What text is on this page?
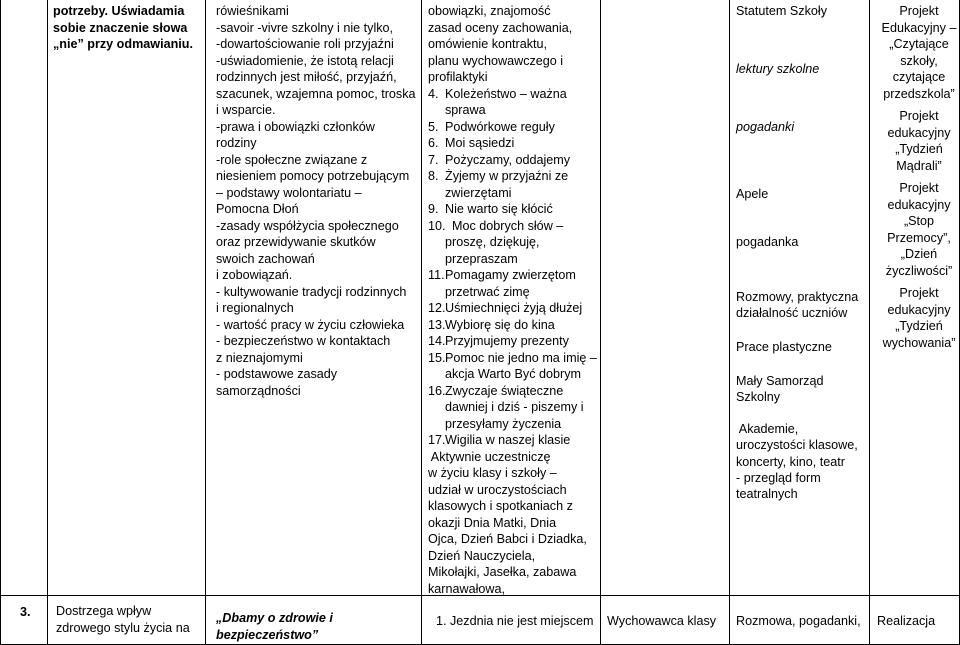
potrzeby. Uświadamia
sobie znaczenie słowa
„nie” przy odmawianiu.
rówieśnikami
-savoir -vivre szkolny i nie tylko,
-dowartościowanie roli przyjaźni
-uświadomienie, że istotą relacji
rodzinnych jest miłość, przyjaźń,
szacunek, wzajemna pomoc, troska
i wsparcie.
-prawa i obowiązki członków
rodziny
-role społeczne związane z
niesieniem pomocy potrzebującym
– podstawy wolontariatu –
Pomocna Dłoń
-zasady współżycia społecznego
oraz przewidywanie skutków
swoich zachowań
i zobowiązań.
- kultywowanie tradycji rodzinnych
i regionalnych
- wartość pracy w życiu człowieka
- bezpieczeństwo w kontaktach
z nieznajomymi
- podstawowe zasady
samorządności
obowiązki, znajomość
zasad oceny zachowania,
omówienie kontraktu,
planu wychowawczego i
profilaktyki
4. Koleżeństwo – ważna
sprawa
5. Podwórkowe reguły
6. Moi sąsiedzi
7. Pożyczamy, oddajemy
8. Żyjemy w przyjaźni ze
zwierzętami
9. Nie warto się kłócić
10.  Moc dobrych słów –
proszę, dziękuję,
przepraszam
11.Pomagamy zwierzętom
przetrwać zimę
12.Uśmiechnięci żyją dłużej
13.Wybiorę się do kina
14.Przyjmujemy prezenty
15.Pomoc nie jedno ma imię –
akcja Warto Być dobrym
16.Zwyczaje świąteczne
dawniej i dziś - piszemy i
przesyłamy życzenia
17.Wigilia w naszej klasie
Aktywnie uczestniczę
w życiu klasy i szkoły –
udział w uroczystościach
klasowych i spotkaniach z
okazji Dnia Matki, Dnia
Ojca, Dzień Babci i Dziadka,
Dzień Nauczyciela,
Mikołajki, Jasełka, zabawa
karnawałowa,
Statutem Szkoły
lektury szkolne
pogadanki
Apele
pogadanka
Rozmowy, praktyczna
działalność uczniów
Prace plastyczne
Mały Samorząd
Szkolny
Akademie,
uroczystości klasowe,
koncerty, kino, teatr
- przegląd form
teatralnych
Projekt
Edukacyjny –
„Czytające
szkoły,
czytające
przedszkola”
Projekt
edukacyjny
„Tydzień
Mądrali”
Projekt
edukacyjny
„Stop
Przemocy”,
„Dzień
życzliwości”
Projekt
edukacyjny
„Tydzień
wychowania”
3. Dostrzega wpływ
zdrowego stylu życia na
„Dbamy o zdrowie i
bezpieczeństwo”
1. Jezdnia nie jest miejscem Wychowawca klasy Rozmowa, pogadanki, Realizacja
